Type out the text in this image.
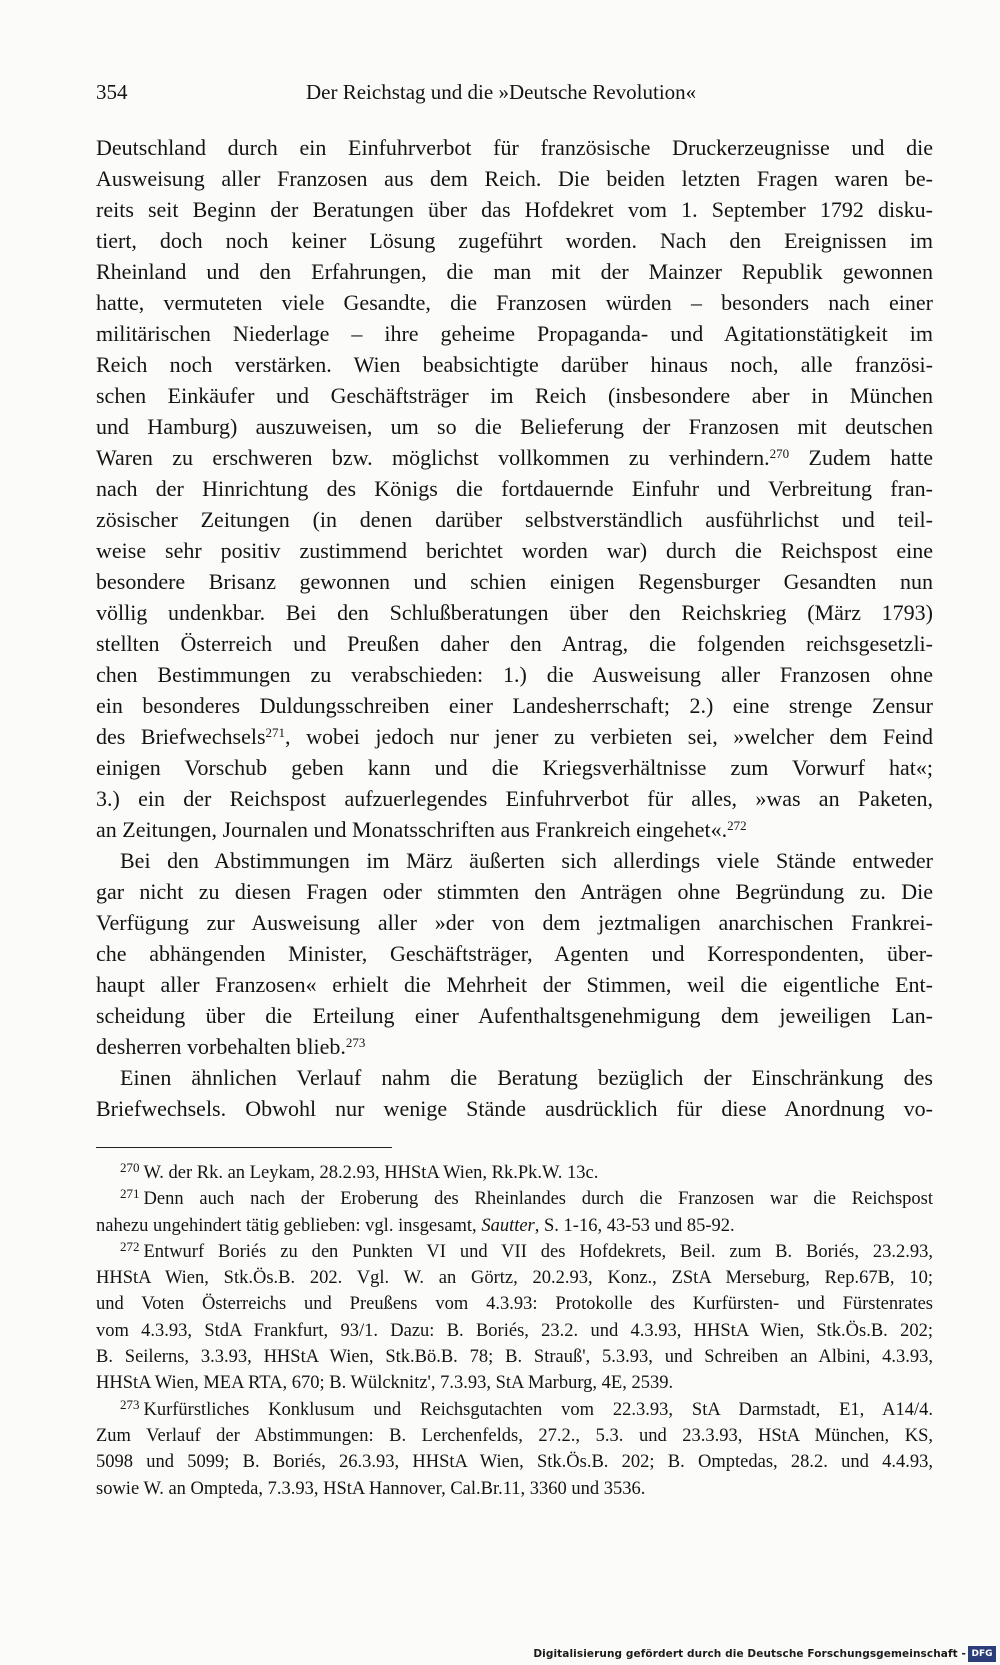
354	Der Reichstag und die »Deutsche Revolution«
Deutschland durch ein Einfuhrverbot für französische Druckerzeugnisse und die
Ausweisung aller Franzosen aus dem Reich. Die beiden letzten Fragen waren be-
reits seit Beginn der Beratungen über das Hofdekret vom 1. September 1792 disku-
tiert, doch noch keiner Lösung zugeführt worden. Nach den Ereignissen im
Rheinland und den Erfahrungen, die man mit der Mainzer Republik gewonnen
hatte, vermuteten viele Gesandte, die Franzosen würden – besonders nach einer
militärischen Niederlage – ihre geheime Propaganda- und Agitationstätigkeit im
Reich noch verstärken. Wien beabsichtigte darüber hinaus noch, alle französi-
schen Einkäufer und Geschäftsträger im Reich (insbesondere aber in München
und Hamburg) auszuweisen, um so die Belieferung der Franzosen mit deutschen
Waren zu erschweren bzw. möglichst vollkommen zu verhindern.$^{270}$ Zudem hatte
nach der Hinrichtung des Königs die fortdauernde Einfuhr und Verbreitung fran-
zösischer Zeitungen (in denen darüber selbstverständlich ausführlichst und teil-
weise sehr positiv zustimmend berichtet worden war) durch die Reichspost eine
besondere Brisanz gewonnen und schien einigen Regensburger Gesandten nun
völlig undenkbar. Bei den Schlußberatungen über den Reichskrieg (März 1793)
stellten Österreich und Preußen daher den Antrag, die folgenden reichsgesetzli-
chen Bestimmungen zu verabschieden: 1.) die Ausweisung aller Franzosen ohne
ein besonderes Duldungsschreiben einer Landesherrschaft; 2.) eine strenge Zensur
des Briefwechsels$^{271}$, wobei jedoch nur jener zu verbieten sei, »welcher dem Feind
einigen Vorschub geben kann und die Kriegsverhältnisse zum Vorwurf hat«;
3.) ein der Reichspost aufzuerlegendes Einfuhrverbot für alles, »was an Paketen,
an Zeitungen, Journalen und Monatsschriften aus Frankreich eingehet«.$^{272}$
Bei den Abstimmungen im März äußerten sich allerdings viele Stände entweder
gar nicht zu diesen Fragen oder stimmten den Anträgen ohne Begründung zu. Die
Verfügung zur Ausweisung aller »der von dem jeztmaligen anarchischen Frankrei-
che abhängenden Minister, Geschäftsträger, Agenten und Korrespondenten, über-
haupt aller Franzosen« erhielt die Mehrheit der Stimmen, weil die eigentliche Ent-
scheidung über die Erteilung einer Aufenthaltsgenehmigung dem jeweiligen Lan-
desherren vorbehalten blieb.$^{273}$
Einen ähnlichen Verlauf nahm die Beratung bezüglich der Einschränkung des
Briefwechsels. Obwohl nur wenige Stände ausdrücklich für diese Anordnung vo-
$^{270}$ W. der Rk. an Leykam, 28.2.93, HHStA Wien, Rk.Pk.W. 13c.
$^{271}$ Denn auch nach der Eroberung des Rheinlandes durch die Franzosen war die Reichspost
nahezu ungehindert tätig geblieben: vgl. insgesamt, Sautter, S. 1-16, 43-53 und 85-92.
$^{272}$ Entwurf Boriés zu den Punkten VI und VII des Hofdekrets, Beil. zum B. Boriés, 23.2.93,
HHStA Wien, Stk.Ös.B. 202. Vgl. W. an Görtz, 20.2.93, Konz., ZStA Merseburg, Rep.67B, 10;
und Voten Österreichs und Preußens vom 4.3.93: Protokolle des Kurfürsten- und Fürstenrates
vom 4.3.93, StdA Frankfurt, 93/1. Dazu: B. Boriés, 23.2. und 4.3.93, HHStA Wien, Stk.Ös.B. 202;
B. Seilerns, 3.3.93, HHStA Wien, Stk.Bö.B. 78; B. Strauß', 5.3.93, und Schreiben an Albini, 4.3.93,
HHStA Wien, MEA RTA, 670; B. Wülcknitz', 7.3.93, StA Marburg, 4E, 2539.
$^{273}$ Kurfürstliches Konklusum und Reichsgutachten vom 22.3.93, StA Darmstadt, E1, A14/4.
Zum Verlauf der Abstimmungen: B. Lerchenfelds, 27.2., 5.3. und 23.3.93, HStA München, KS,
5098 und 5099; B. Boriés, 26.3.93, HHStA Wien, Stk.Ös.B. 202; B. Omptedas, 28.2. und 4.4.93,
sowie W. an Ompteda, 7.3.93, HStA Hannover, Cal.Br.11, 3360 und 3536.
Digitalisierung gefördert durch die Deutsche Forschungsgemeinschaft - DFG
